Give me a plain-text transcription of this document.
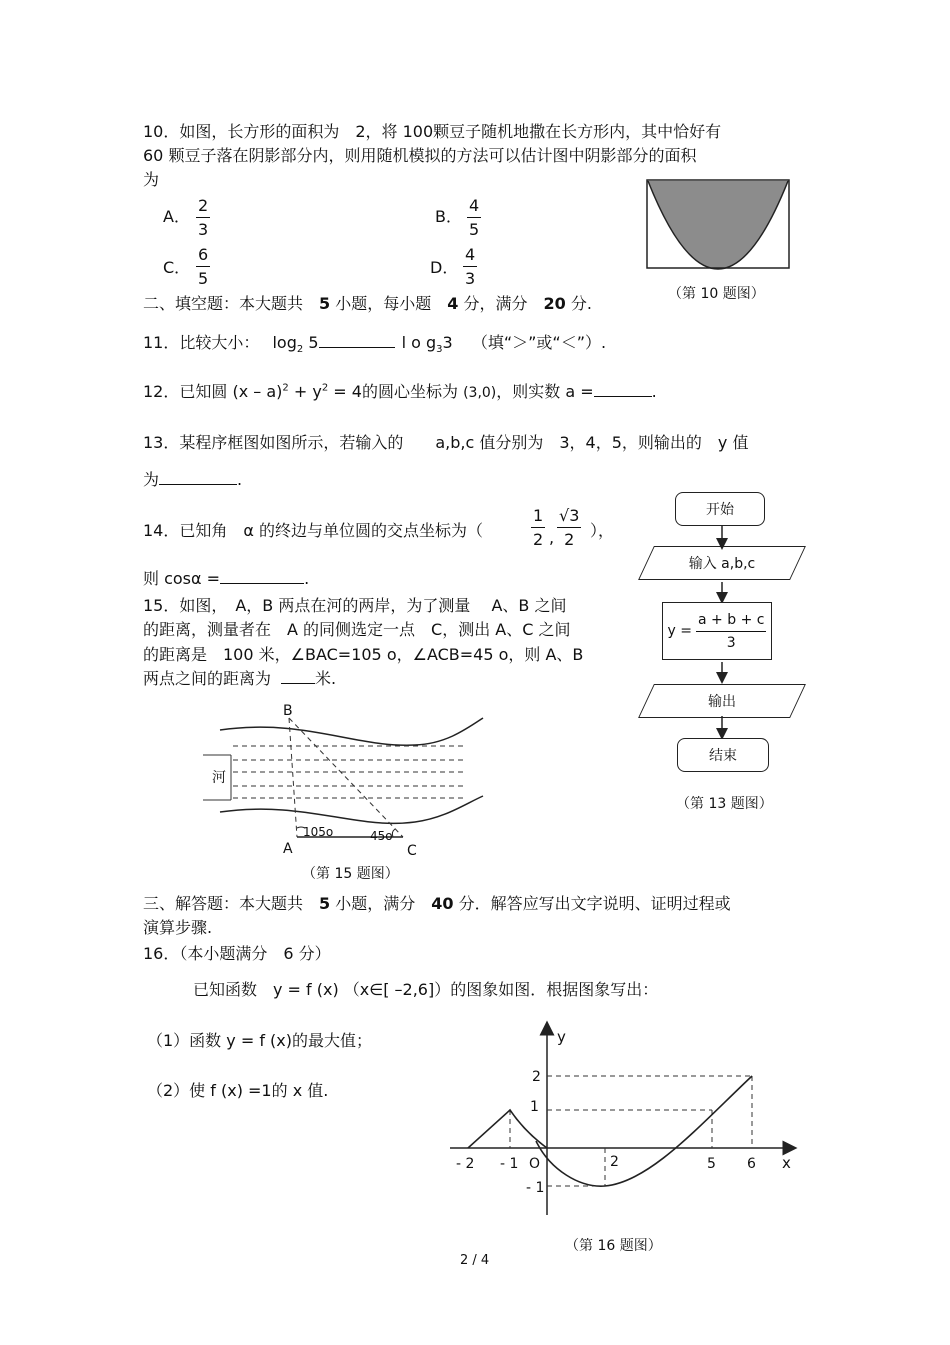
10．如图，长方形的面积为　2，将 100颗豆子随机地撒在长方形内，其中恰好有
60 颗豆子落在阴影部分内，则用随机模拟的方法可以估计图中阴影部分的面积
为
A． $\frac{2}{3}$	B． $\frac{4}{5}$
C． $\frac{6}{5}$	D． $\frac{4}{3}$
（第 10 题图）
二、填空题：本大题共　5 小题，每小题　4 分，满分　20 分.
11．比较大小： $\log_2 5$	l o $g_33$ （填“＞”或“＜”）.
12．已知圆 $(x - a)^2 + y^2 = 4$的圆心坐标为 (3,0)，则实数 a =	.
13．某程序框图如图所示，若输入的　　a,b,c 值分别为　3，4，5，则输出的　y 值
为	.
14．已知角　α 的终边与单位圆的交点坐标为（	$\frac{1}{2}$ , $\frac{√3}{2}$ ），
则 cosα =	.
15．如图，　A，B 两点在河的两岸，为了测量　 A、B 之间
的距离，测量者在　A 的同侧选定一点　C，测出 A、C 之间
的距离是　100 米，∠BAC=105 o，∠ACB=45 o，则 A、B
两点之间的距离为	米.
河
B
A	C
105o	45o
（第 15 题图）
开始
输入 a,b,c
$y = \frac{a + b + c}{3}$
输出
结束
（第 13 题图）
三、解答题：本大题共　5 小题，满分　40 分．解答应写出文字说明、证明过程或
演算步骤.
16．（本小题满分　6 分）
已知函数　y = f (x) （x∈[ –2,6]）的图象如图．根据图象写出：
（1）函数 y = f (x)的最大值；
（2）使 f (x) =1的 x 值.
y
x
O
- 2 - 1	2	5 6
2
1
- 1
（第 16 题图）
2 / 4
